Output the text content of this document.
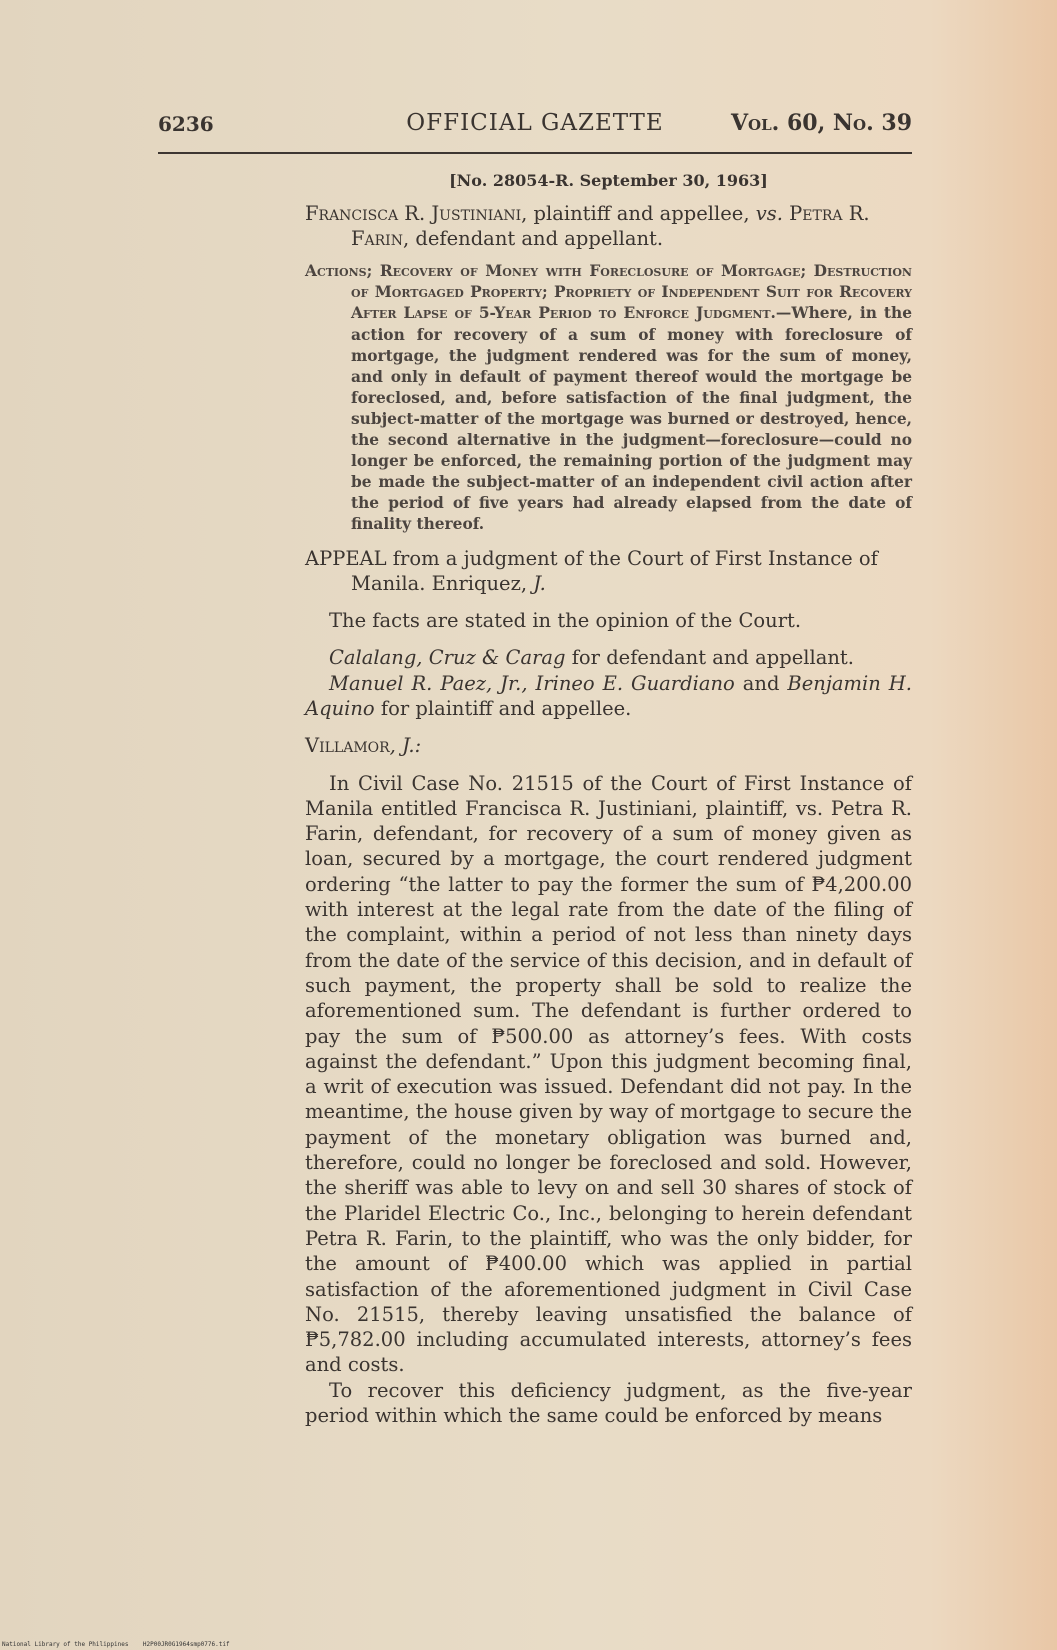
6236	OFFICIAL GAZETTE	Vol. 60, No. 39

[No. 28054-R. September 30, 1963]

Francisca R. Justiniani, plaintiff and appellee, vs. Petra R. Farin, defendant and appellant.

Actions; Recovery of Money with Foreclosure of Mortgage; Destruction of Mortgaged Property; Propriety of Independent Suit for Recovery After Lapse of 5-Year Period to Enforce Judgment.—Where, in the action for recovery of a sum of money with foreclosure of mortgage, the judgment rendered was for the sum of money, and only in default of payment thereof would the mortgage be foreclosed, and, before satisfaction of the final judgment, the subject-matter of the mortgage was burned or destroyed, hence, the second alternative in the judgment—foreclosure—could no longer be enforced, the remaining portion of the judgment may be made the subject-matter of an independent civil action after the period of five years had already elapsed from the date of finality thereof.

APPEAL from a judgment of the Court of First Instance of Manila. Enriquez, J.

The facts are stated in the opinion of the Court.

Calalang, Cruz & Carag for defendant and appellant.

Manuel R. Paez, Jr., Irineo E. Guardiano and Benjamin H. Aquino for plaintiff and appellee.

Villamor, J.:

In Civil Case No. 21515 of the Court of First Instance of Manila entitled Francisca R. Justiniani, plaintiff, vs. Petra R. Farin, defendant, for recovery of a sum of money given as loan, secured by a mortgage, the court rendered judgment ordering “the latter to pay the former the sum of ₱4,200.00 with interest at the legal rate from the date of the filing of the complaint, within a period of not less than ninety days from the date of the service of this decision, and in default of such payment, the property shall be sold to realize the aforementioned sum. The defendant is further ordered to pay the sum of ₱500.00 as attorney’s fees. With costs against the defendant.” Upon this judgment becoming final, a writ of execution was issued. Defendant did not pay. In the meantime, the house given by way of mortgage to secure the payment of the monetary obligation was burned and, therefore, could no longer be foreclosed and sold. However, the sheriff was able to levy on and sell 30 shares of stock of the Plaridel Electric Co., Inc., belonging to herein defendant Petra R. Farin, to the plaintiff, who was the only bidder, for the amount of ₱400.00 which was applied in partial satisfaction of the aforementioned judgment in Civil Case No. 21515, thereby leaving unsatisfied the balance of ₱5,782.00 including accumulated interests, attorney’s fees and costs.

To recover this deficiency judgment, as the five-year period within which the same could be enforced by means

National Library of the Philippines    H2P00JR0G1964smp0776.tif
